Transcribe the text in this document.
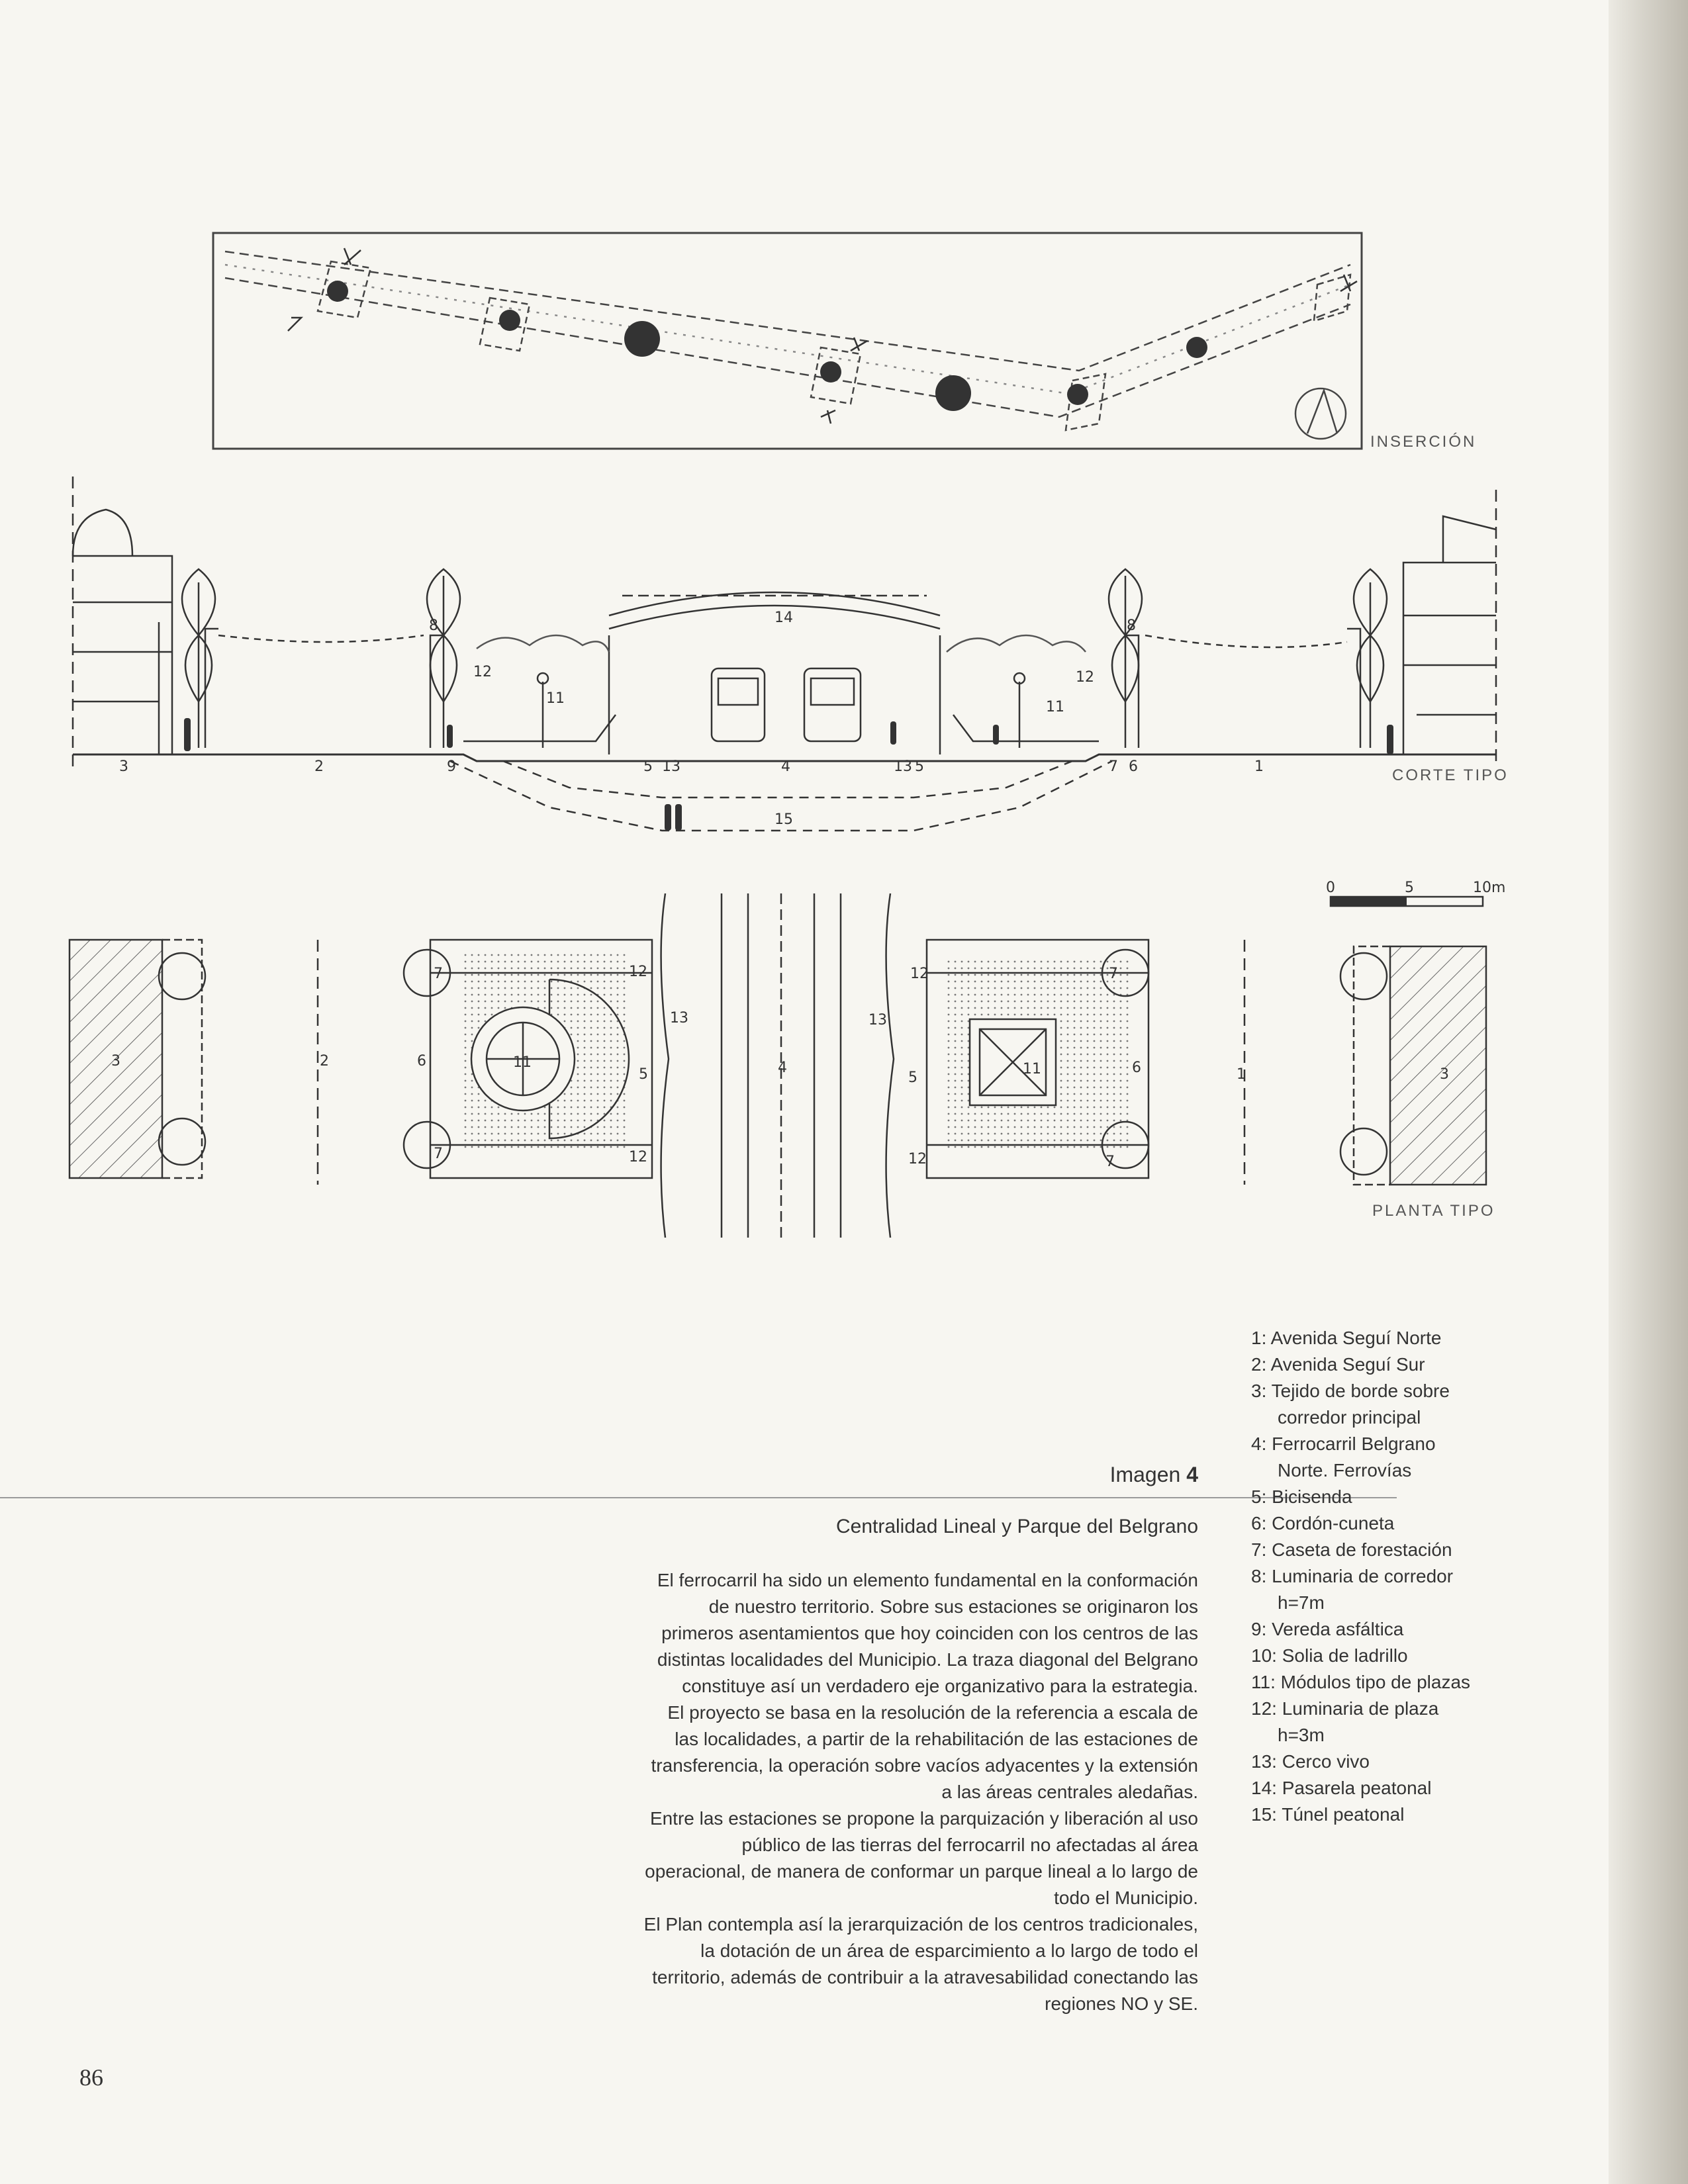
3	2	9	5 13	4	13 5	7 6	1
15
14
11
11
12	12
8	8
0	5	10m
3	2	6
5	4
5
6	1	3
7
7
7
7
12
12
12
12
13	13
11	11
INSERCIÓN
CORTE TIPO
PLANTA TIPO
Imagen 4
Centralidad Lineal y Parque del Belgrano

El ferrocarril ha sido un elemento fundamental en la conformación de nuestro territorio. Sobre sus estaciones se originaron los primeros asentamientos que hoy coinciden con los centros de las distintas localidades del Municipio. La traza diagonal del Belgrano constituye así un verdadero eje organizativo para la estrategia.

El proyecto se basa en la resolución de la referencia a escala de las localidades, a partir de la rehabilitación de las estaciones de transferencia, la operación sobre vacíos adyacentes y la extensión a las áreas centrales aledañas.

Entre las estaciones se propone la parquización y liberación al uso público de las tierras del ferrocarril no afectadas al área operacional, de manera de conformar un parque lineal a lo largo de todo el Municipio.

El Plan contempla así la jerarquización de los centros tradicionales, la dotación de un área de esparcimiento a lo largo de todo el territorio, además de contribuir a la atravesabilidad conectando las regiones NO y SE.

1: Avenida Seguí Norte
2: Avenida Seguí Sur
3: Tejido de borde sobre
corredor principal
4: Ferrocarril Belgrano
Norte. Ferrovías
5: Bicisenda
6: Cordón-cuneta
7: Caseta de forestación
8: Luminaria de corredor
h=7m
9: Vereda asfáltica
10: Solia de ladrillo
11: Módulos tipo de plazas
12: Luminaria de plaza
h=3m
13: Cerco vivo
14: Pasarela peatonal
15: Túnel peatonal
86
